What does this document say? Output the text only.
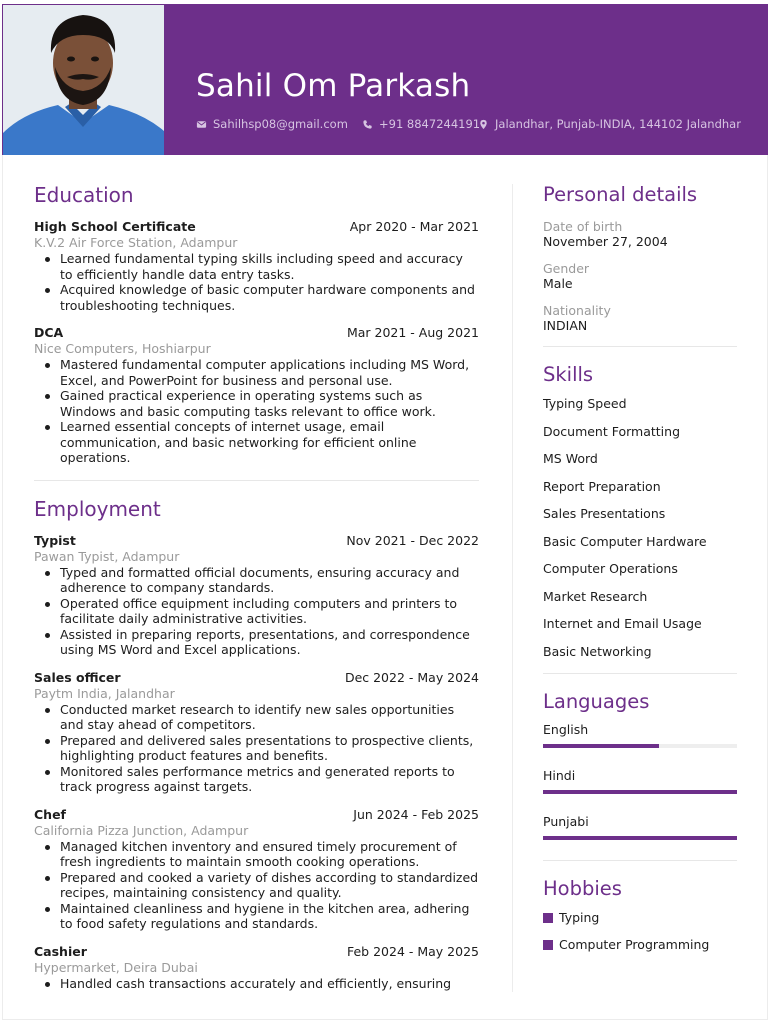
Sahil Om Parkash
Sahilhsp08@gmail.com	+91 8847244191 Jalandhar, Punjab-INDIA, 144102 Jalandhar
Education
High School Certificate	Apr 2020 - Mar 2021
K.V.2 Air Force Station, Adampur
Learned fundamental typing skills including speed and accuracy to efficiently handle data entry tasks.
Acquired knowledge of basic computer hardware components and troubleshooting techniques.
DCA	Mar 2021 - Aug 2021
Nice Computers, Hoshiarpur
Mastered fundamental computer applications including MS Word, Excel, and PowerPoint for business and personal use.
Gained practical experience in operating systems such as Windows and basic computing tasks relevant to office work.
Learned essential concepts of internet usage, email communication, and basic networking for efficient online operations.
Employment
Typist	Nov 2021 - Dec 2022
Pawan Typist, Adampur
Typed and formatted official documents, ensuring accuracy and adherence to company standards.
Operated office equipment including computers and printers to facilitate daily administrative activities.
Assisted in preparing reports, presentations, and correspondence using MS Word and Excel applications.
Sales officer	Dec 2022 - May 2024
Paytm India, Jalandhar
Conducted market research to identify new sales opportunities and stay ahead of competitors.
Prepared and delivered sales presentations to prospective clients, highlighting product features and benefits.
Monitored sales performance metrics and generated reports to track progress against targets.
Chef	Jun 2024 - Feb 2025
California Pizza Junction, Adampur
Managed kitchen inventory and ensured timely procurement of fresh ingredients to maintain smooth cooking operations.
Prepared and cooked a variety of dishes according to standardized recipes, maintaining consistency and quality.
Maintained cleanliness and hygiene in the kitchen area, adhering to food safety regulations and standards.
Cashier	Feb 2024 - May 2025
Hypermarket, Deira Dubai
Handled cash transactions accurately and efficiently, ensuring
Personal details
Date of birth
November 27, 2004
Gender
Male
Nationality
INDIAN
Skills
Typing Speed
Document Formatting
MS Word
Report Preparation
Sales Presentations
Basic Computer Hardware
Computer Operations
Market Research
Internet and Email Usage
Basic Networking
Languages
English
Hindi
Punjabi
Hobbies
Typing
Computer Programming
